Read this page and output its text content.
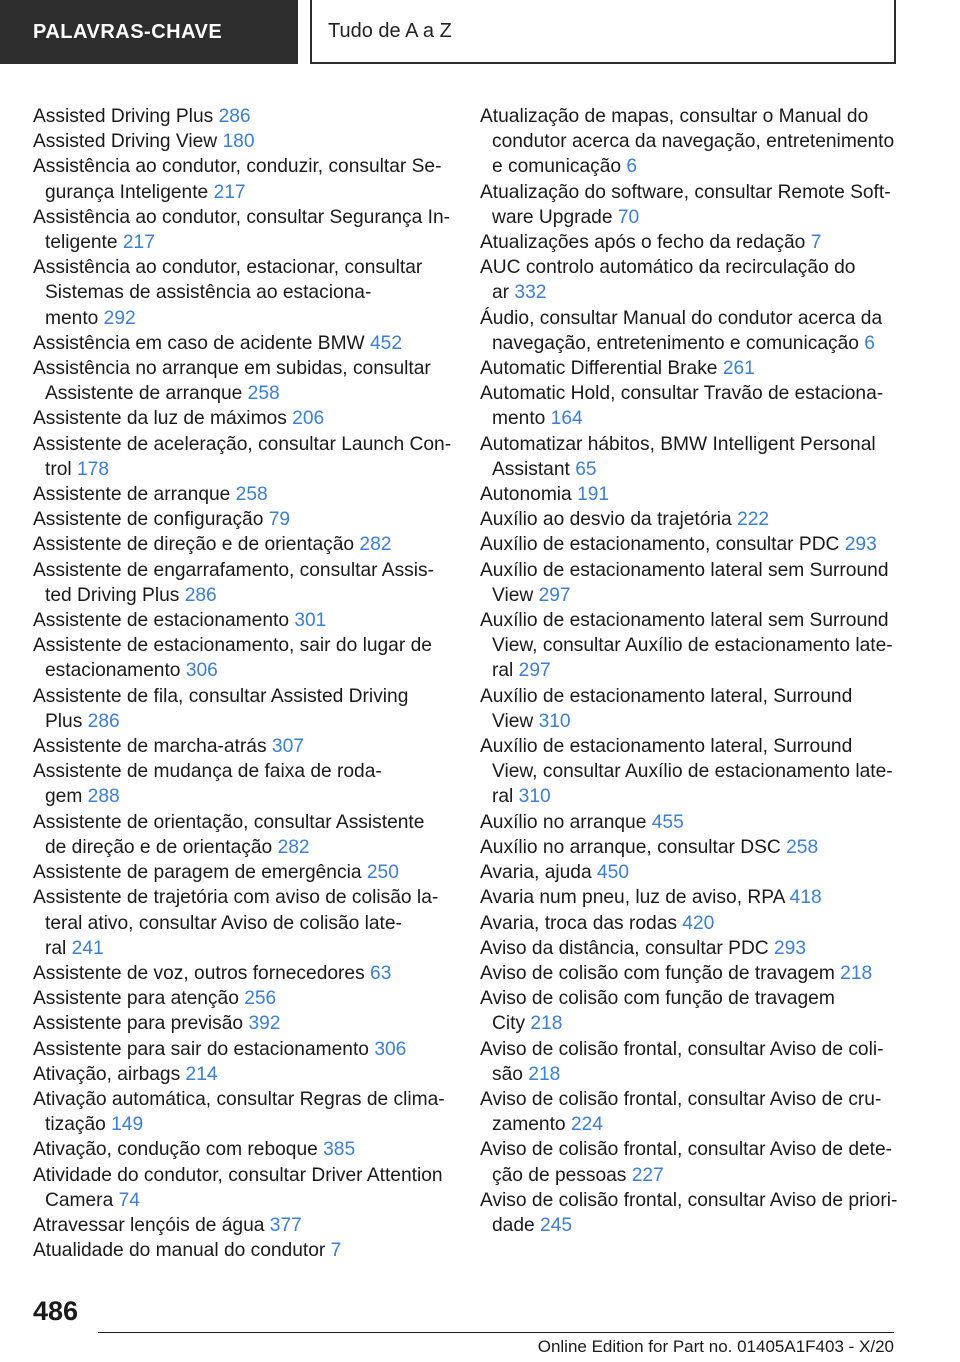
PALAVRAS-CHAVE	Tudo de A a Z
Assisted Driving Plus 286
Assisted Driving View 180
Assistência ao condutor, conduzir, consultar Se-
gurança Inteligente 217
Assistência ao condutor, consultar Segurança In-
teligente 217
Assistência ao condutor, estacionar, consultar
Sistemas de assistência ao estaciona-
mento 292
Assistência em caso de acidente BMW 452
Assistência no arranque em subidas, consultar
Assistente de arranque 258
Assistente da luz de máximos 206
Assistente de aceleração, consultar Launch Con-
trol 178
Assistente de arranque 258
Assistente de configuração 79
Assistente de direção e de orientação 282
Assistente de engarrafamento, consultar Assis-
ted Driving Plus 286
Assistente de estacionamento 301
Assistente de estacionamento, sair do lugar de
estacionamento 306
Assistente de fila, consultar Assisted Driving
Plus 286
Assistente de marcha-atrás 307
Assistente de mudança de faixa de roda-
gem 288
Assistente de orientação, consultar Assistente
de direção e de orientação 282
Assistente de paragem de emergência 250
Assistente de trajetória com aviso de colisão la-
teral ativo, consultar Aviso de colisão late-
ral 241
Assistente de voz, outros fornecedores 63
Assistente para atenção 256
Assistente para previsão 392
Assistente para sair do estacionamento 306
Ativação, airbags 214
Ativação automática, consultar Regras de clima-
tização 149
Ativação, condução com reboque 385
Atividade do condutor, consultar Driver Attention
Camera 74
Atravessar lençóis de água 377
Atualidade do manual do condutor 7
Atualização de mapas, consultar o Manual do
condutor acerca da navegação, entretenimento
e comunicação 6
Atualização do software, consultar Remote Soft-
ware Upgrade 70
Atualizações após o fecho da redação 7
AUC controlo automático da recirculação do
ar 332
Áudio, consultar Manual do condutor acerca da
navegação, entretenimento e comunicação 6
Automatic Differential Brake 261
Automatic Hold, consultar Travão de estaciona-
mento 164
Automatizar hábitos, BMW Intelligent Personal
Assistant 65
Autonomia 191
Auxílio ao desvio da trajetória 222
Auxílio de estacionamento, consultar PDC 293
Auxílio de estacionamento lateral sem Surround
View 297
Auxílio de estacionamento lateral sem Surround
View, consultar Auxílio de estacionamento late-
ral 297
Auxílio de estacionamento lateral, Surround
View 310
Auxílio de estacionamento lateral, Surround
View, consultar Auxílio de estacionamento late-
ral 310
Auxílio no arranque 455
Auxílio no arranque, consultar DSC 258
Avaria, ajuda 450
Avaria num pneu, luz de aviso, RPA 418
Avaria, troca das rodas 420
Aviso da distância, consultar PDC 293
Aviso de colisão com função de travagem 218
Aviso de colisão com função de travagem
City 218
Aviso de colisão frontal, consultar Aviso de coli-
são 218
Aviso de colisão frontal, consultar Aviso de cru-
zamento 224
Aviso de colisão frontal, consultar Aviso de dete-
ção de pessoas 227
Aviso de colisão frontal, consultar Aviso de priori-
dade 245
486
Online Edition for Part no. 01405A1F403 - X/20
